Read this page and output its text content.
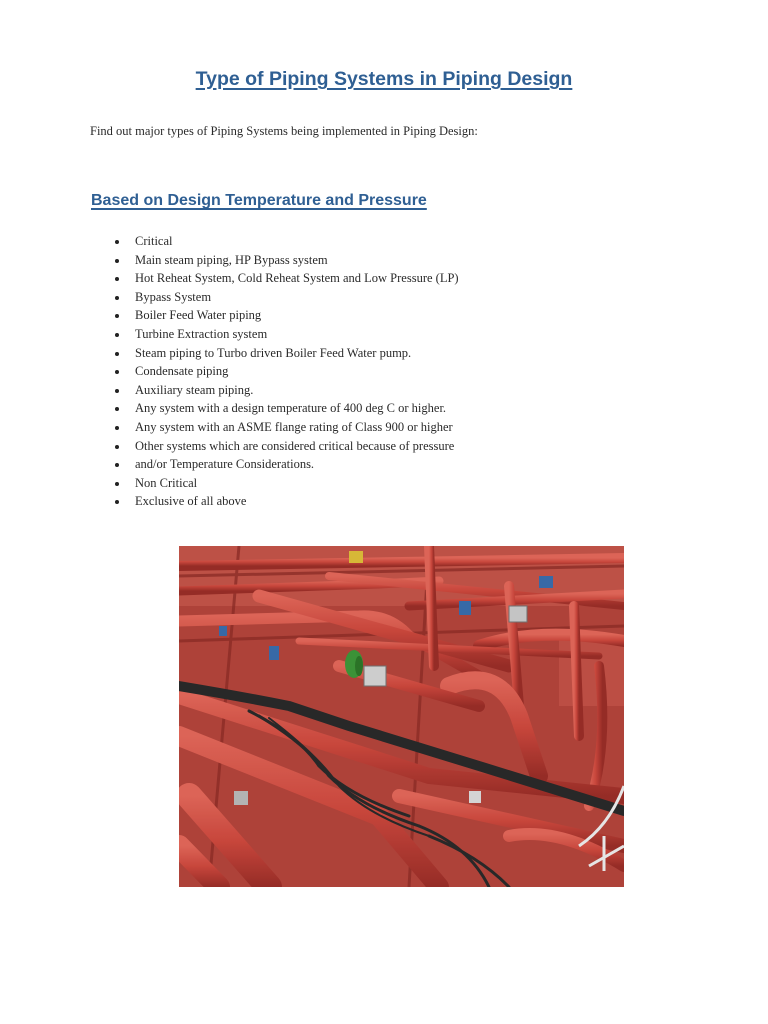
Type of Piping Systems in Piping Design

Find out major types of Piping Systems being implemented in Piping Design:

Based on Design Temperature and Pressure
Critical
Main steam piping, HP Bypass system
Hot Reheat System, Cold Reheat System and Low Pressure (LP)
Bypass System
Boiler Feed Water piping
Turbine Extraction system
Steam piping to Turbo driven Boiler Feed Water pump.
Condensate piping
Auxiliary steam piping.
Any system with a design temperature of 400 deg C or higher.
Any system with an ASME flange rating of Class 900 or higher
Other systems which are considered critical because of pressure
and/or Temperature Considerations.
Non Critical
Exclusive of all above
